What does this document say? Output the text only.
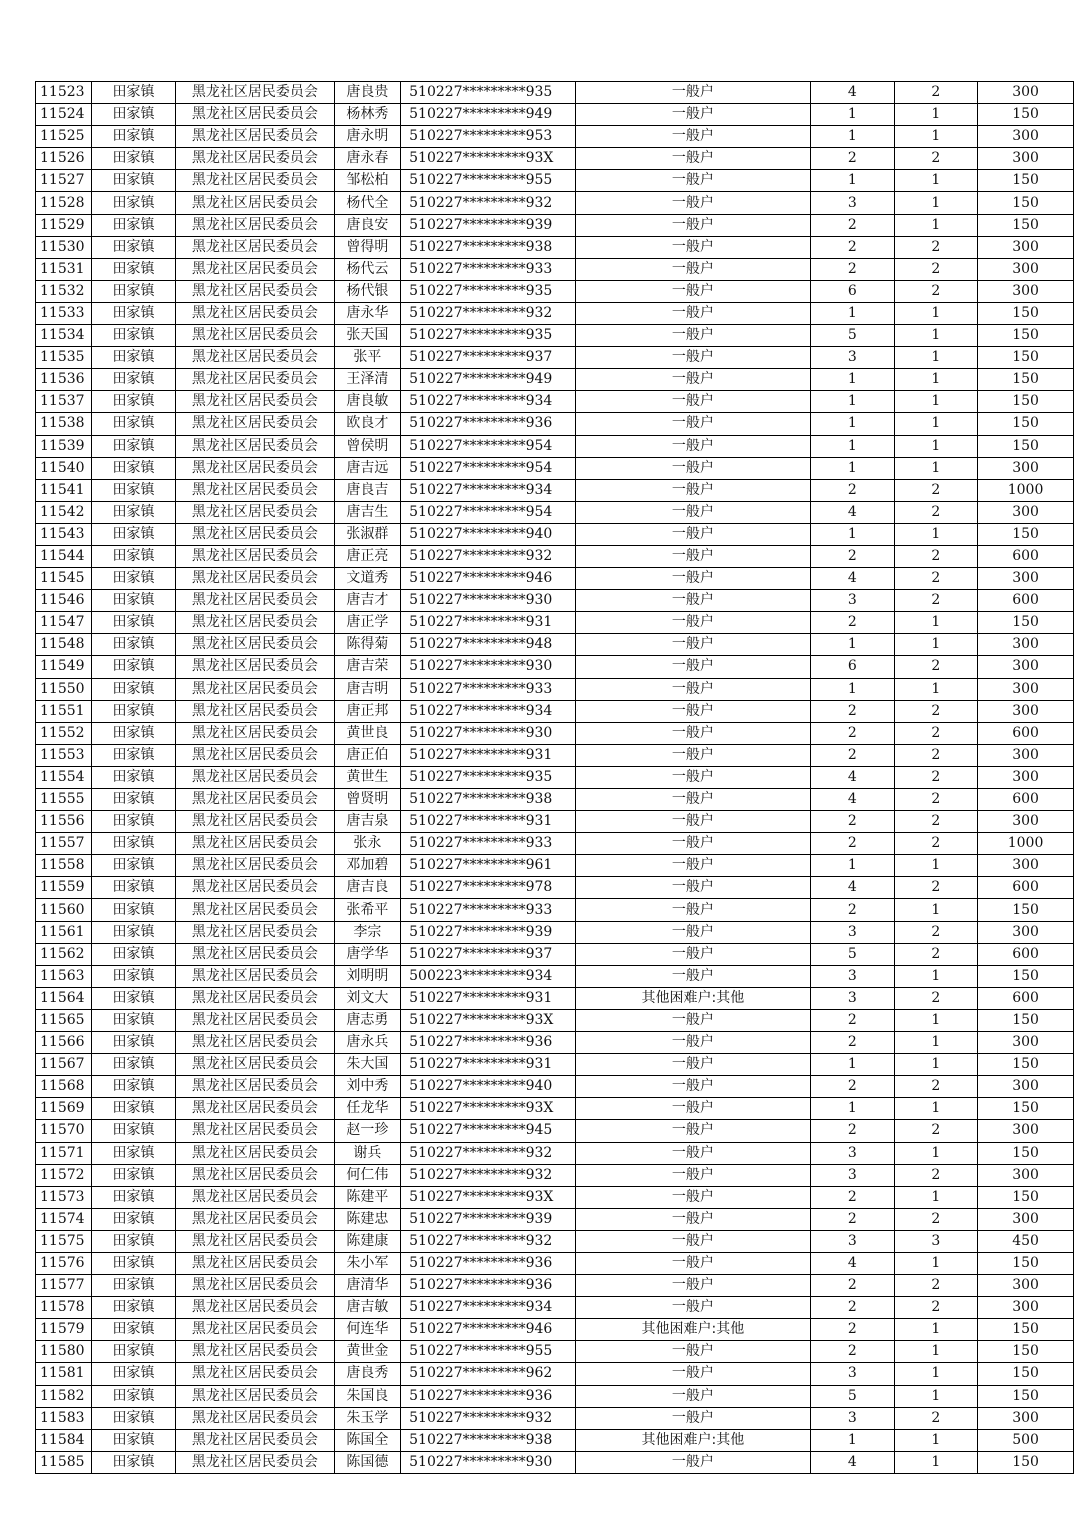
11523	田家镇	黑龙社区居民委员会	唐良贵	510227*********935	一般户	4	2	300
11524	田家镇	黑龙社区居民委员会	杨林秀	510227*********949	一般户	1	1	150
11525	田家镇	黑龙社区居民委员会	唐永明	510227*********953	一般户	1	1	300
11526	田家镇	黑龙社区居民委员会	唐永春	510227*********93X	一般户	2	2	300
11527	田家镇	黑龙社区居民委员会	邹松柏	510227*********955	一般户	1	1	150
11528	田家镇	黑龙社区居民委员会	杨代全	510227*********932	一般户	3	1	150
11529	田家镇	黑龙社区居民委员会	唐良安	510227*********939	一般户	2	1	150
11530	田家镇	黑龙社区居民委员会	曾得明	510227*********938	一般户	2	2	300
11531	田家镇	黑龙社区居民委员会	杨代云	510227*********933	一般户	2	2	300
11532	田家镇	黑龙社区居民委员会	杨代银	510227*********935	一般户	6	2	300
11533	田家镇	黑龙社区居民委员会	唐永华	510227*********932	一般户	1	1	150
11534	田家镇	黑龙社区居民委员会	张天国	510227*********935	一般户	5	1	150
11535	田家镇	黑龙社区居民委员会	张平	510227*********937	一般户	3	1	150
11536	田家镇	黑龙社区居民委员会	王泽清	510227*********949	一般户	1	1	150
11537	田家镇	黑龙社区居民委员会	唐良敏	510227*********934	一般户	1	1	150
11538	田家镇	黑龙社区居民委员会	欧良才	510227*********936	一般户	1	1	150
11539	田家镇	黑龙社区居民委员会	曾侯明	510227*********954	一般户	1	1	150
11540	田家镇	黑龙社区居民委员会	唐吉远	510227*********954	一般户	1	1	300
11541	田家镇	黑龙社区居民委员会	唐良吉	510227*********934	一般户	2	2	1000
11542	田家镇	黑龙社区居民委员会	唐吉生	510227*********954	一般户	4	2	300
11543	田家镇	黑龙社区居民委员会	张淑群	510227*********940	一般户	1	1	150
11544	田家镇	黑龙社区居民委员会	唐正亮	510227*********932	一般户	2	2	600
11545	田家镇	黑龙社区居民委员会	文道秀	510227*********946	一般户	4	2	300
11546	田家镇	黑龙社区居民委员会	唐吉才	510227*********930	一般户	3	2	600
11547	田家镇	黑龙社区居民委员会	唐正学	510227*********931	一般户	2	1	150
11548	田家镇	黑龙社区居民委员会	陈得菊	510227*********948	一般户	1	1	300
11549	田家镇	黑龙社区居民委员会	唐吉荣	510227*********930	一般户	6	2	300
11550	田家镇	黑龙社区居民委员会	唐吉明	510227*********933	一般户	1	1	300
11551	田家镇	黑龙社区居民委员会	唐正邦	510227*********934	一般户	2	2	300
11552	田家镇	黑龙社区居民委员会	黄世良	510227*********930	一般户	2	2	600
11553	田家镇	黑龙社区居民委员会	唐正伯	510227*********931	一般户	2	2	300
11554	田家镇	黑龙社区居民委员会	黄世生	510227*********935	一般户	4	2	300
11555	田家镇	黑龙社区居民委员会	曾贤明	510227*********938	一般户	4	2	600
11556	田家镇	黑龙社区居民委员会	唐吉泉	510227*********931	一般户	2	2	300
11557	田家镇	黑龙社区居民委员会	张永	510227*********933	一般户	2	2	1000
11558	田家镇	黑龙社区居民委员会	邓加碧	510227*********961	一般户	1	1	300
11559	田家镇	黑龙社区居民委员会	唐吉良	510227*********978	一般户	4	2	600
11560	田家镇	黑龙社区居民委员会	张希平	510227*********933	一般户	2	1	150
11561	田家镇	黑龙社区居民委员会	李宗	510227*********939	一般户	3	2	300
11562	田家镇	黑龙社区居民委员会	唐学华	510227*********937	一般户	5	2	600
11563	田家镇	黑龙社区居民委员会	刘明明	500223*********934	一般户	3	1	150
11564	田家镇	黑龙社区居民委员会	刘文大	510227*********931	其他困难户:其他	3	2	600
11565	田家镇	黑龙社区居民委员会	唐志勇	510227*********93X	一般户	2	1	150
11566	田家镇	黑龙社区居民委员会	唐永兵	510227*********936	一般户	2	1	300
11567	田家镇	黑龙社区居民委员会	朱大国	510227*********931	一般户	1	1	150
11568	田家镇	黑龙社区居民委员会	刘中秀	510227*********940	一般户	2	2	300
11569	田家镇	黑龙社区居民委员会	任龙华	510227*********93X	一般户	1	1	150
11570	田家镇	黑龙社区居民委员会	赵一珍	510227*********945	一般户	2	2	300
11571	田家镇	黑龙社区居民委员会	谢兵	510227*********932	一般户	3	1	150
11572	田家镇	黑龙社区居民委员会	何仁伟	510227*********932	一般户	3	2	300
11573	田家镇	黑龙社区居民委员会	陈建平	510227*********93X	一般户	2	1	150
11574	田家镇	黑龙社区居民委员会	陈建忠	510227*********939	一般户	2	2	300
11575	田家镇	黑龙社区居民委员会	陈建康	510227*********932	一般户	3	3	450
11576	田家镇	黑龙社区居民委员会	朱小军	510227*********936	一般户	4	1	150
11577	田家镇	黑龙社区居民委员会	唐清华	510227*********936	一般户	2	2	300
11578	田家镇	黑龙社区居民委员会	唐吉敏	510227*********934	一般户	2	2	300
11579	田家镇	黑龙社区居民委员会	何连华	510227*********946	其他困难户:其他	2	1	150
11580	田家镇	黑龙社区居民委员会	黄世金	510227*********955	一般户	2	1	150
11581	田家镇	黑龙社区居民委员会	唐良秀	510227*********962	一般户	3	1	150
11582	田家镇	黑龙社区居民委员会	朱国良	510227*********936	一般户	5	1	150
11583	田家镇	黑龙社区居民委员会	朱玉学	510227*********932	一般户	3	2	300
11584	田家镇	黑龙社区居民委员会	陈国全	510227*********938	其他困难户:其他	1	1	500
11585	田家镇	黑龙社区居民委员会	陈国德	510227*********930	一般户	4	1	150
